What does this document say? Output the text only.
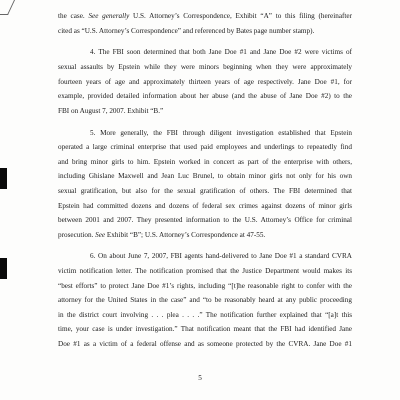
the case. See generally U.S. Attorney’s Correspondence, Exhibit “A” to this filing (hereinafter
cited as “U.S. Attorney’s Correspondence” and referenced by Bates page number stamp).
4. The FBI soon determined that both Jane Doe #1 and Jane Doe #2 were victims of
sexual assaults by Epstein while they were minors beginning when they were approximately
fourteen years of age and approximately thirteen years of age respectively. Jane Doe #1, for
example, provided detailed information about her abuse (and the abuse of Jane Doe #2) to the
FBI on August 7, 2007. Exhibit “B.”
5. More generally, the FBI through diligent investigation established that Epstein
operated a large criminal enterprise that used paid employees and underlings to repeatedly find
and bring minor girls to him. Epstein worked in concert as part of the enterprise with others,
including Ghislane Maxwell and Jean Luc Brunel, to obtain minor girls not only for his own
sexual gratification, but also for the sexual gratification of others. The FBI determined that
Epstein had committed dozens and dozens of federal sex crimes against dozens of minor girls
between 2001 and 2007. They presented information to the U.S. Attorney’s Office for criminal
prosecution. See Exhibit “B”; U.S. Attorney’s Correspondence at 47-55.
6. On about June 7, 2007, FBI agents hand-delivered to Jane Doe #1 a standard CVRA
victim notification letter. The notification promised that the Justice Department would makes its
“best efforts” to protect Jane Doe #1’s rights, including “[t]he reasonable right to confer with the
attorney for the United States in the case” and “to be reasonably heard at any public proceeding
in the district court involving . . . plea . . . .” The notification further explained that “[a]t this
time, your case is under investigation.” That notification meant that the FBI had identified Jane
Doe #1 as a victim of a federal offense and as someone protected by the CVRA. Jane Doe #1
5
